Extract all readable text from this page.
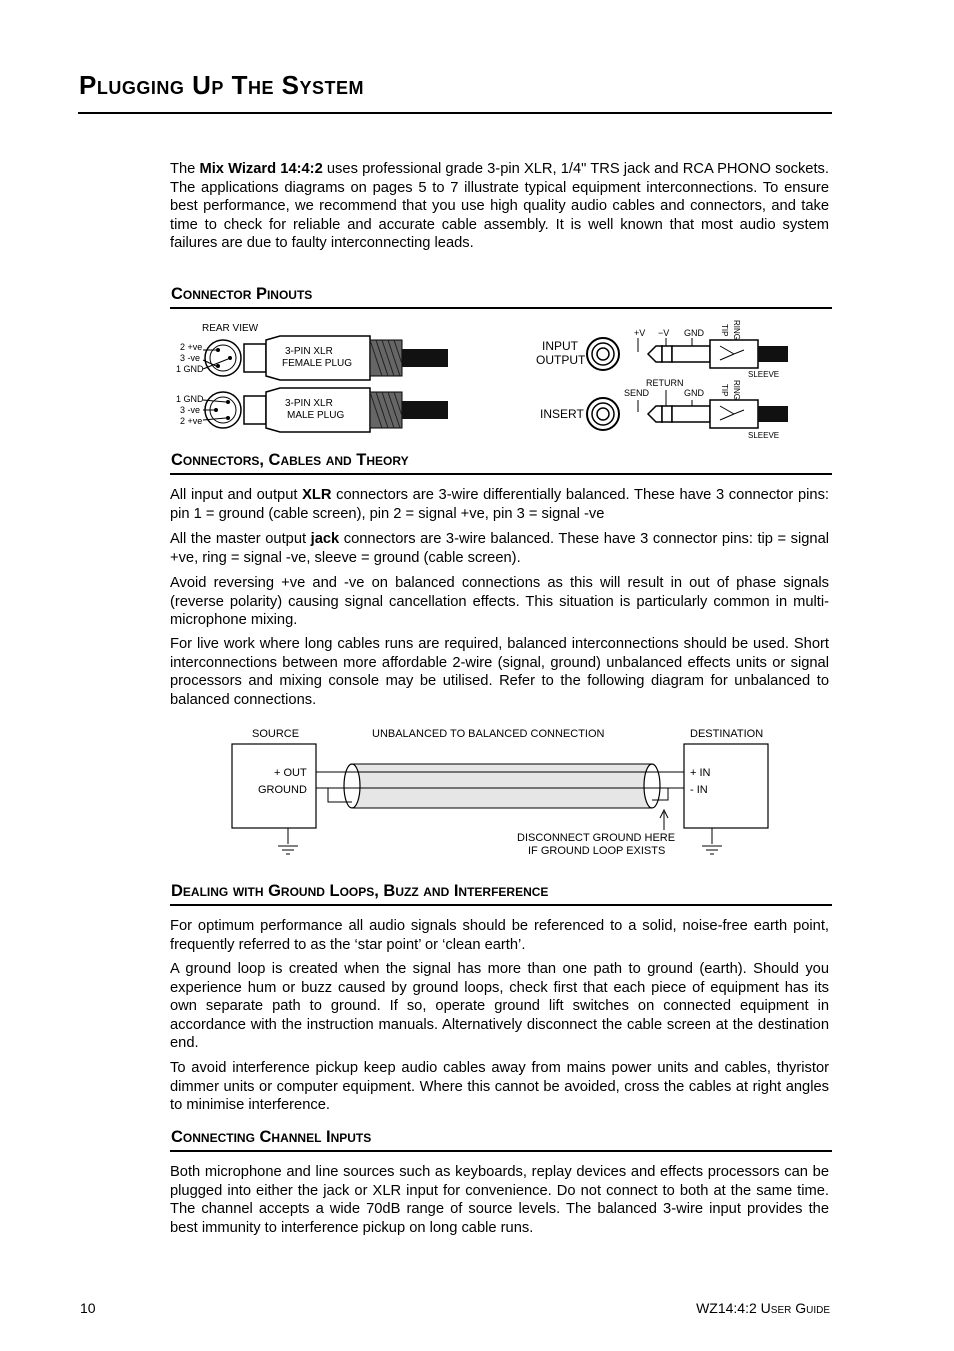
Plugging Up The System
The Mix Wizard 14:4:2 uses professional grade 3-pin XLR, 1/4" TRS jack and RCA PHONO sockets. The applications diagrams on pages 5 to 7 illustrate typical equipment interconnections. To ensure best performance, we recommend that you use high quality audio cables and connectors, and take time to check for reliable and accurate cable assembly. It is well known that most audio system failures are due to faulty interconnecting leads.
Connector Pinouts
REAR VIEW
2 +ve
3 -ve
1 GND
3-PIN XLR
FEMALE PLUG
1 GND
3 -ve
2 +ve
3-PIN XLR
MALE PLUG
INPUT
OUTPUT
INSERT
+V −V GND	RING
TIP
SLEEVE
RETURN
SEND	GND	RING
TIP
SLEEVE
Connectors, Cables and Theory
All input and output XLR connectors are 3-wire differentially balanced. These have 3 connector pins: pin 1 = ground (cable screen), pin 2 = signal +ve, pin 3 = signal -ve
All the master output jack connectors are 3-wire balanced. These have 3 connector pins: tip = signal +ve, ring = signal -ve, sleeve = ground (cable screen).
Avoid reversing +ve and -ve on balanced connections as this will result in out of phase signals (reverse polarity) causing signal cancellation effects. This situation is particularly common in multi-microphone mixing.
For live work where long cables runs are required, balanced interconnections should be used. Short interconnections between more affordable 2-wire (signal, ground) unbalanced effects units or signal processors and mixing console may be utilised. Refer to the following diagram for unbalanced to balanced connections.
SOURCE	UNBALANCED TO BALANCED CONNECTION	DESTINATION
+ OUT
GROUND
+ IN
- IN
DISCONNECT GROUND HERE
IF GROUND LOOP EXISTS
Dealing with Ground Loops, Buzz and Interference
For optimum performance all audio signals should be referenced to a solid, noise-free earth point, frequently referred to as the ‘star point’ or ‘clean earth’.
A ground loop is created when the signal has more than one path to ground (earth). Should you experience hum or buzz caused by ground loops, check first that each piece of equipment has its own separate path to ground. If so, operate ground lift switches on connected equipment in accordance with the instruction manuals. Alternatively disconnect the cable screen at the destination end.
To avoid interference pickup keep audio cables away from mains power units and cables, thyristor dimmer units or computer equipment. Where this cannot be avoided, cross the cables at right angles to minimise interference.
Connecting Channel Inputs
Both microphone and line sources such as keyboards, replay devices and effects processors can be plugged into either the jack or XLR input for convenience. Do not connect to both at the same time. The channel accepts a wide 70dB range of source levels. The balanced 3-wire input provides the best immunity to interference pickup on long cable runs.
10	WZ14:4:2 User Guide
